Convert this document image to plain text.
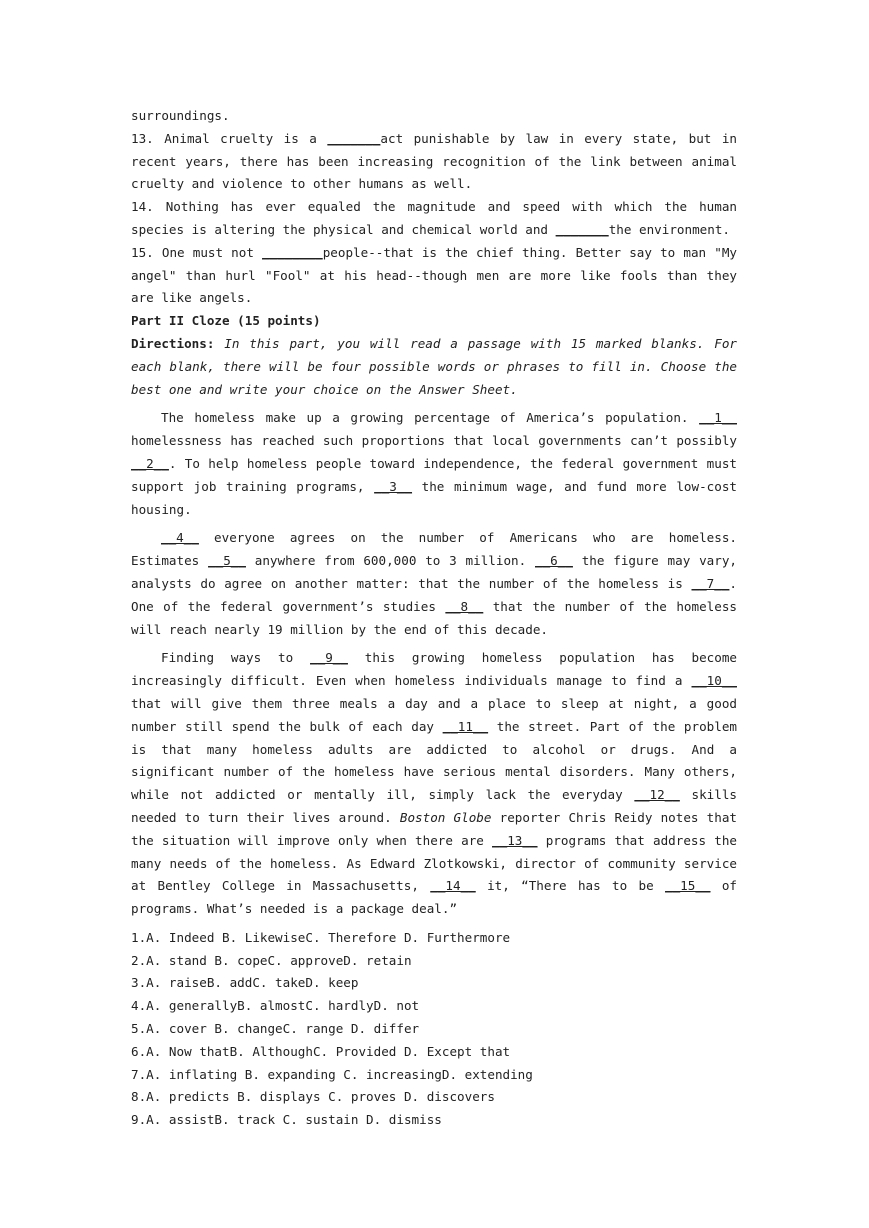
surroundings.

13. Animal cruelty is a _______act punishable by law in every state, but in recent years, there has been increasing recognition of the link between animal cruelty and violence to other humans as well.

14. Nothing has ever equaled the magnitude and speed with which the human species is altering the physical and chemical world and _______the environment.

15. One must not ________people--that is the chief thing. Better say to man "My angel" than hurl "Fool" at his head--though men are more like fools than they are like angels.

Part II Cloze (15 points)

Directions: In this part, you will read a passage with 15 marked blanks. For each blank, there will be four possible words or phrases to fill in. Choose the best one and write your choice on the Answer Sheet.

The homeless make up a growing percentage of America’s population. __1__ homelessness has reached such proportions that local governments can’t possibly __2__. To help homeless people toward independence, the federal government must support job training programs, __3__ the minimum wage, and fund more low-cost housing.

__4__ everyone agrees on the number of Americans who are homeless. Estimates __5__ anywhere from 600,000 to 3 million. __6__ the figure may vary, analysts do agree on another matter: that the number of the homeless is __7__. One of the federal government’s studies __8__ that the number of the homeless will reach nearly 19 million by the end of this decade.

Finding ways to __9__ this growing homeless population has become increasingly difficult. Even when homeless individuals manage to find a __10__ that will give them three meals a day and a place to sleep at night, a good number still spend the bulk of each day __11__ the street. Part of the problem is that many homeless adults are addicted to alcohol or drugs. And a significant number of the homeless have serious mental disorders. Many others, while not addicted or mentally ill, simply lack the everyday __12__ skills needed to turn their lives around. Boston Globe reporter Chris Reidy notes that the situation will improve only when there are __13__ programs that address the many needs of the homeless. As Edward Zlotkowski, director of community service at Bentley College in Massachusetts, __14__ it, “There has to be __15__ of programs. What’s needed is a package deal.”

1.A. Indeed B. LikewiseC. Therefore D. Furthermore

2.A. stand B. copeC. approveD. retain

3.A. raiseB. addC. takeD. keep

4.A. generallyB. almostC. hardlyD. not

5.A. cover B. changeC. range D. differ

6.A. Now thatB. AlthoughC. Provided D. Except that

7.A. inflating B. expanding C. increasingD. extending

8.A. predicts B. displays C. proves D. discovers

9.A. assistB. track C. sustain D. dismiss
